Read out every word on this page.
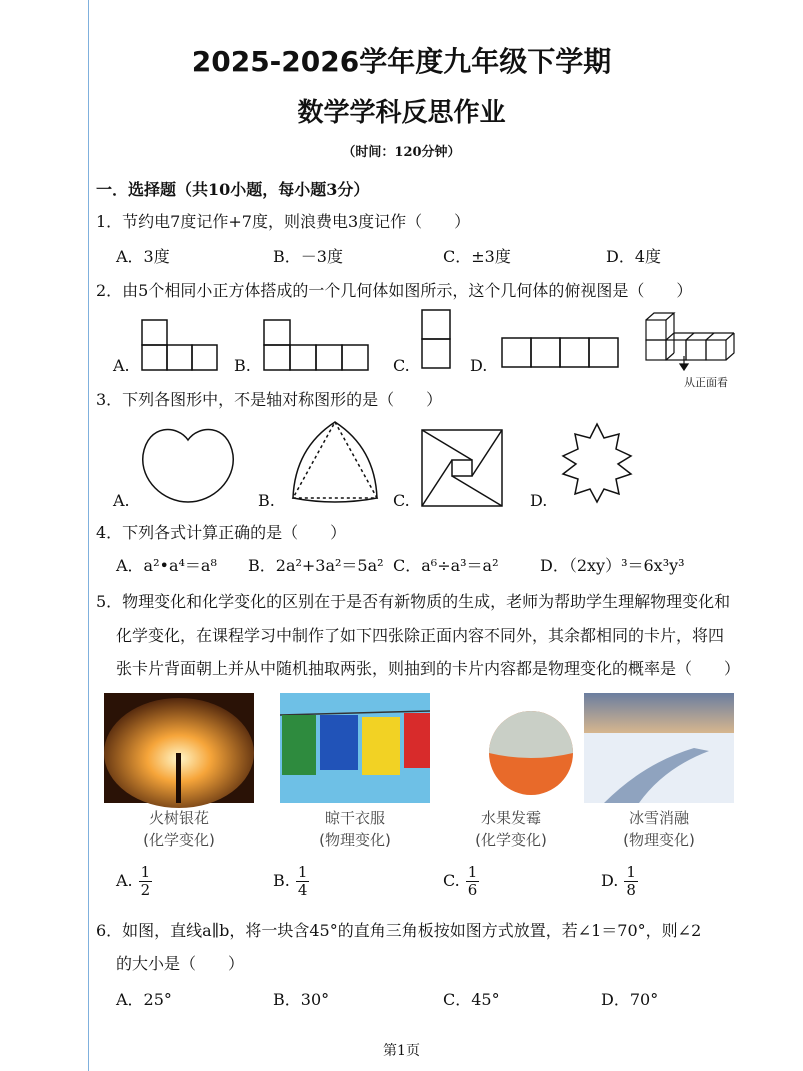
2025-2026学年度九年级下学期
数学学科反思作业
（时间：120分钟）
一．选择题（共10小题，每小题3分）
1．节约电7度记作+7度，则浪费电3度记作（　　）
A．3度	B．－3度	C．±3度	D．4度
2．由5个相同小正方体搭成的一个几何体如图所示，这个几何体的俯视图是（　　）
A.	B.	C.	D.
从正面看
3．下列各图形中，不是轴对称图形的是（　　）
A.	B.	C.	D.
4．下列各式计算正确的是（　　）
A．a²•a⁴＝a⁸ B．2a²+3a²＝5a² C．a⁶÷a³＝a²	D．（2xy）³＝6x³y³
5．物理变化和化学变化的区别在于是否有新物质的生成，老师为帮助学生理解物理变化和
化学变化，在课程学习中制作了如下四张除正面内容不同外，其余都相同的卡片，将四
张卡片背面朝上并从中随机抽取两张，则抽到的卡片内容都是物理变化的概率是（　　）
火树银花
(化学变化)
晾干衣服
(物理变化)
水果发霉
(化学变化)
冰雪消融
(物理变化)
A. $\frac{1}{2}$	B. $\frac{1}{4}$	C. $\frac{1}{6}$	D. $\frac{1}{8}$
6．如图，直线a∥b，将一块含45°的直角三角板按如图方式放置，若∠1＝70°，则∠2
的大小是（　　）
A．25°	B．30°	C．45°	D．70°
第1页
